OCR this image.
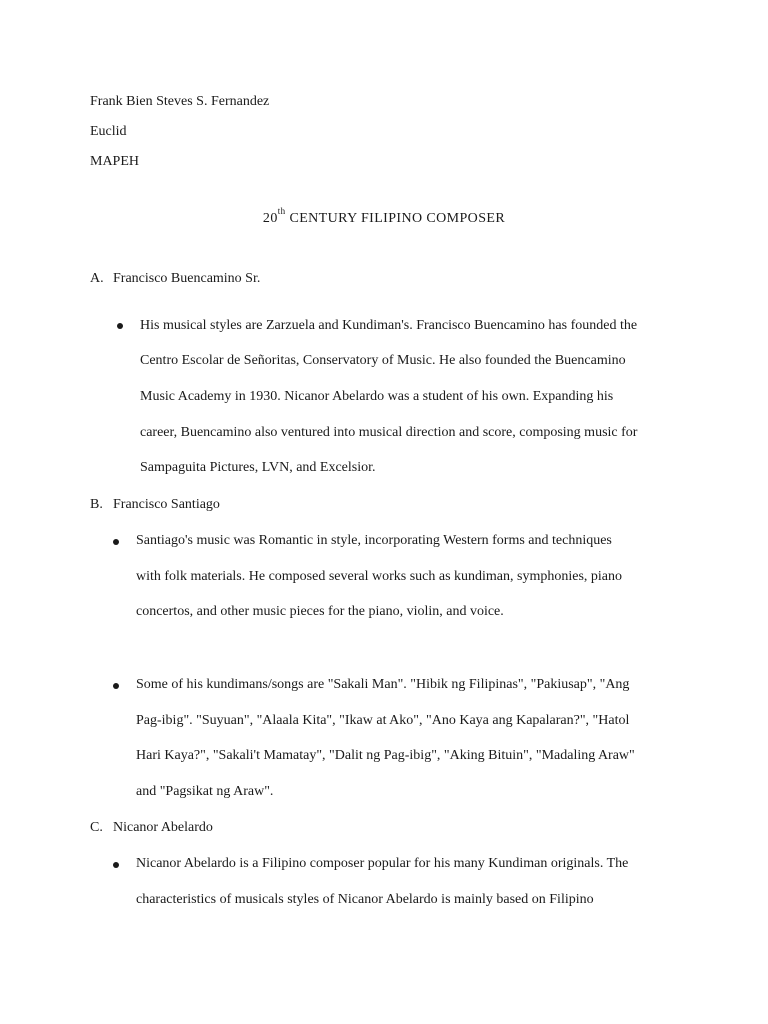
Frank Bien Steves S. Fernandez
Euclid
MAPEH
20th CENTURY FILIPINO COMPOSER
A. Francisco Buencamino Sr.
His musical styles are Zarzuela and Kundiman's. Francisco Buencamino has founded the
Centro Escolar de Señoritas, Conservatory of Music. He also founded the Buencamino
Music Academy in 1930. Nicanor Abelardo was a student of his own. Expanding his
career, Buencamino also ventured into musical direction and score, composing music for
Sampaguita Pictures, LVN, and Excelsior.
B. Francisco Santiago
Santiago's music was Romantic in style, incorporating Western forms and techniques
with folk materials. He composed several works such as kundiman, symphonies, piano
concertos, and other music pieces for the piano, violin, and voice.
Some of his kundimans/songs are "Sakali Man". "Hibik ng Filipinas", "Pakiusap", "Ang
Pag-ibig". "Suyuan", "Alaala Kita", "Ikaw at Ako", "Ano Kaya ang Kapalaran?", "Hatol
Hari Kaya?", "Sakali't Mamatay", "Dalit ng Pag-ibig", "Aking Bituin", "Madaling Araw"
and "Pagsikat ng Araw".
C. Nicanor Abelardo
Nicanor Abelardo is a Filipino composer popular for his many Kundiman originals. The
characteristics of musicals styles of Nicanor Abelardo is mainly based on Filipino
